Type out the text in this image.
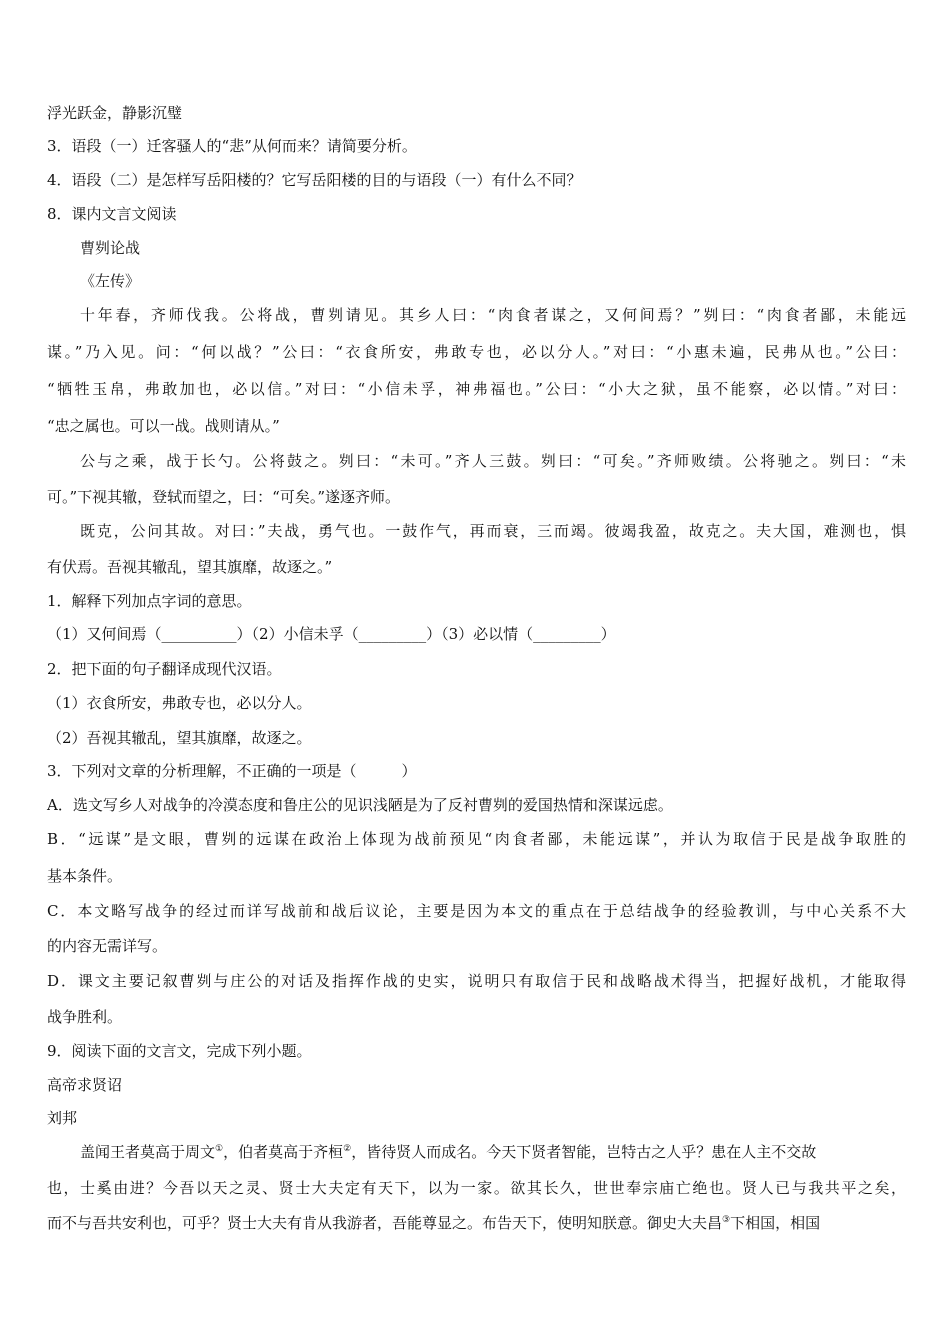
浮光跃金，静影沉璧
3．语段（一）迁客骚人的“悲”从何而来？请简要分析。
4．语段（二）是怎样写岳阳楼的？它写岳阳楼的目的与语段（一）有什么不同？
8．课内文言文阅读
曹刿论战
《左传》
十年春，齐师伐我。公将战，曹刿请见。其乡人曰：“肉食者谋之，又何间焉？”刿曰：“肉食者鄙，未能远
谋。”乃入见。问：“何以战？”公曰：“衣食所安，弗敢专也，必以分人。”对曰：“小惠未遍，民弗从也。”公曰：
“牺牲玉帛，弗敢加也，必以信。”对曰：“小信未孚，神弗福也。”公曰：“小大之狱，虽不能察，必以情。”对曰：
“忠之属也。可以一战。战则请从。”
公与之乘，战于长勺。公将鼓之。刿曰：“未可。”齐人三鼓。刿曰：“可矣。”齐师败绩。公将驰之。刿曰：“未
可。”下视其辙，登轼而望之，曰：“可矣。”遂逐齐师。
既克，公问其故。对曰：”夫战，勇气也。一鼓作气，再而衰，三而竭。彼竭我盈，故克之。夫大国，难测也，惧
有伏焉。吾视其辙乱，望其旗靡，故逐之。”
1．解释下列加点字词的意思。
（1）又何间焉（__________）（2）小信未孚（_________）（3）必以情（_________）
2．把下面的句子翻译成现代汉语。
（1）衣食所安，弗敢专也，必以分人。
（2）吾视其辙乱，望其旗靡，故逐之。
3．下列对文章的分析理解，不正确的一项是（　　　）
A．选文写乡人对战争的冷漠态度和鲁庄公的见识浅陋是为了反衬曹刿的爱国热情和深谋远虑。
B．“远谋”是文眼，曹刿的远谋在政治上体现为战前预见“肉食者鄙，未能远谋”，并认为取信于民是战争取胜的
基本条件。
C．本文略写战争的经过而详写战前和战后议论，主要是因为本文的重点在于总结战争的经验教训，与中心关系不大
的内容无需详写。
D．课文主要记叙曹刿与庄公的对话及指挥作战的史实，说明只有取信于民和战略战术得当，把握好战机，才能取得
战争胜利。
9．阅读下面的文言文，完成下列小题。
高帝求贤诏
刘邦
盖闻王者莫高于周文①，伯者莫高于齐桓②，皆待贤人而成名。今天下贤者智能，岂特古之人乎？患在人主不交故
也，士奚由进？今吾以天之灵、贤士大夫定有天下，以为一家。欲其长久，世世奉宗庙亡绝也。贤人已与我共平之矣，
而不与吾共安利也，可乎？贤士大夫有肯从我游者，吾能尊显之。布告天下，使明知朕意。御史大夫昌③下相国，相国
